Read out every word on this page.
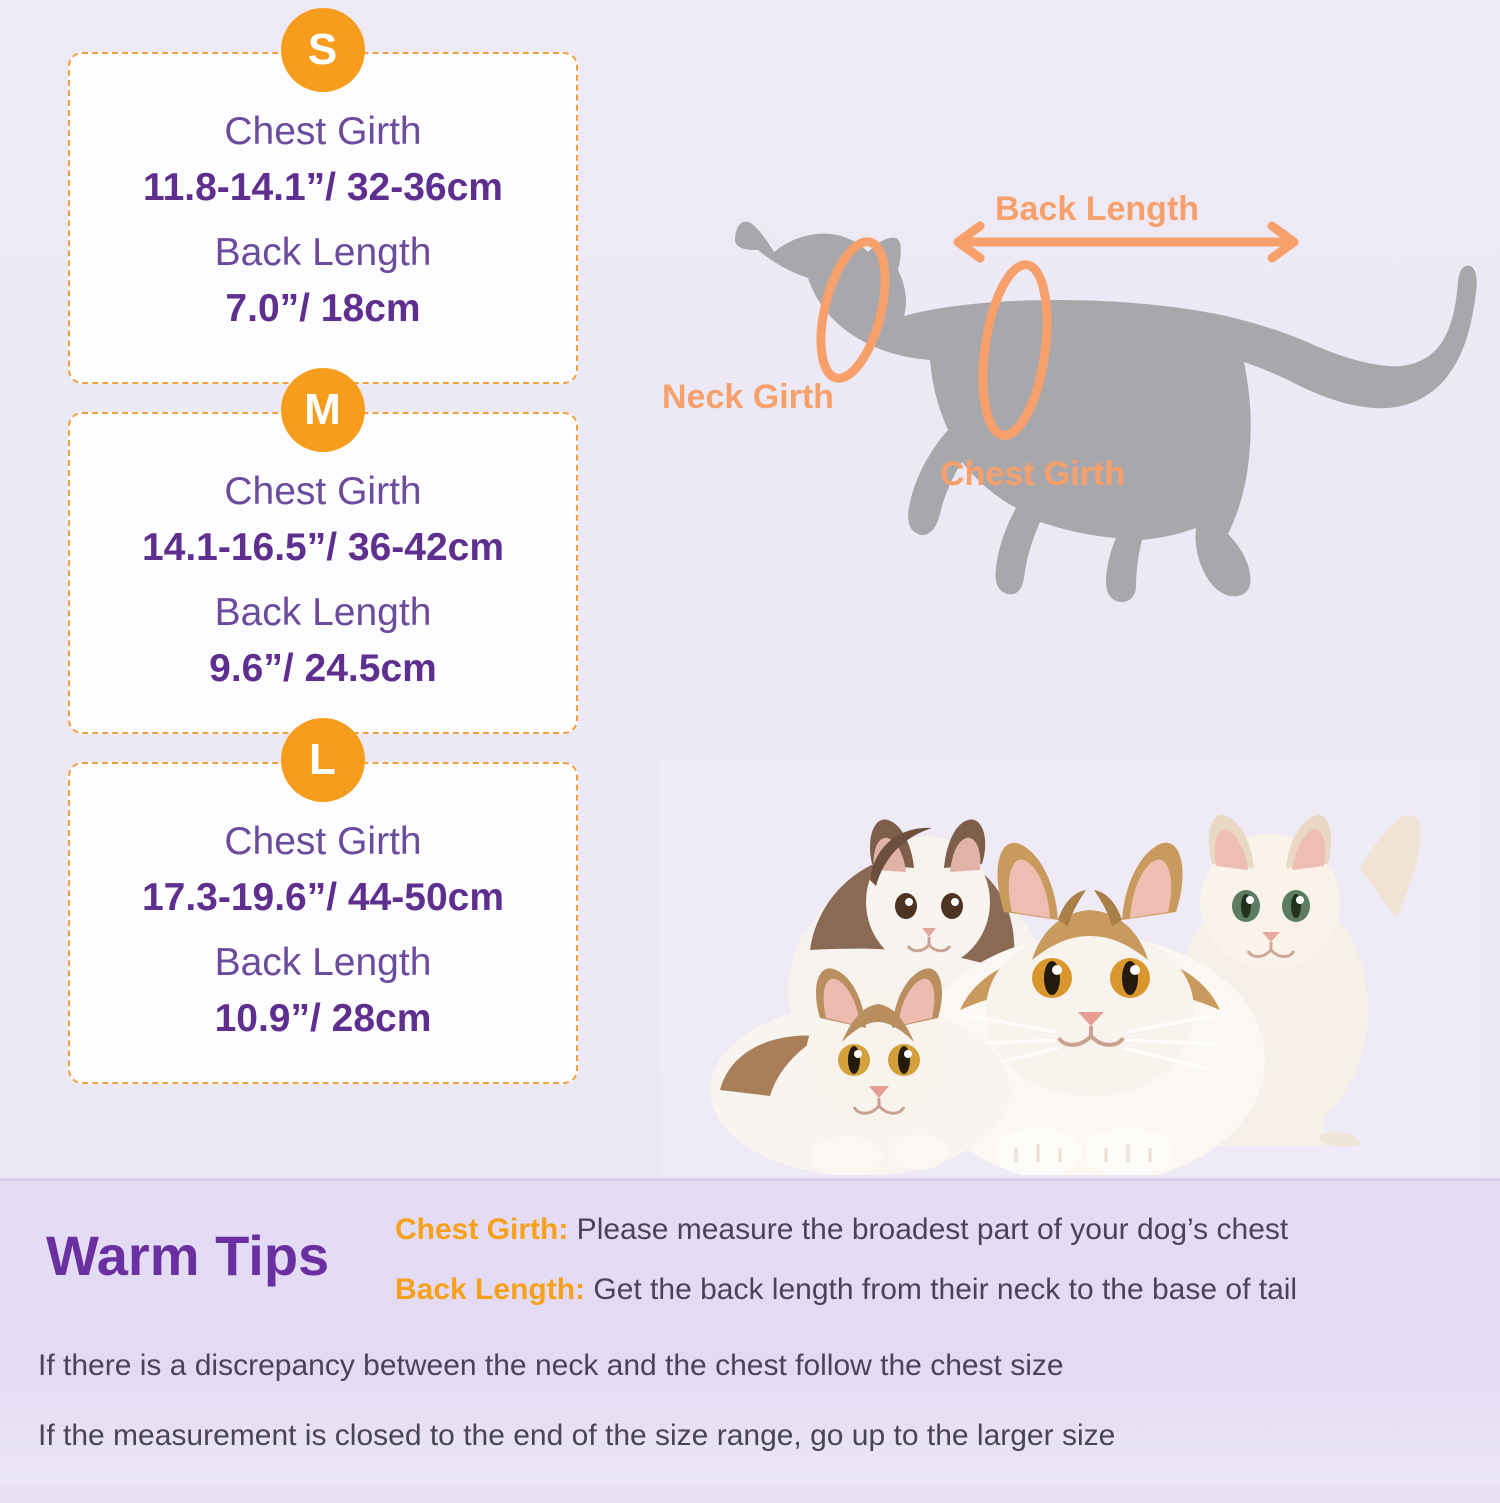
S
Chest Girth
11.8-14.1”/ 32-36cm
Back Length
7.0”/ 18cm
M
Chest Girth
14.1-16.5”/ 36-42cm
Back Length
9.6”/ 24.5cm
L
Chest Girth
17.3-19.6”/ 44-50cm
Back Length
10.9”/ 28cm
Back Length
Neck Girth
Chest Girth
Warm Tips Chest Girth: Please measure the broadest part of your dog’s chest
Back Length: Get the back length from their neck to the base of tail
If there is a discrepancy between the neck and the chest follow the chest size
If the measurement is closed to the end of the size range, go up to the larger size
